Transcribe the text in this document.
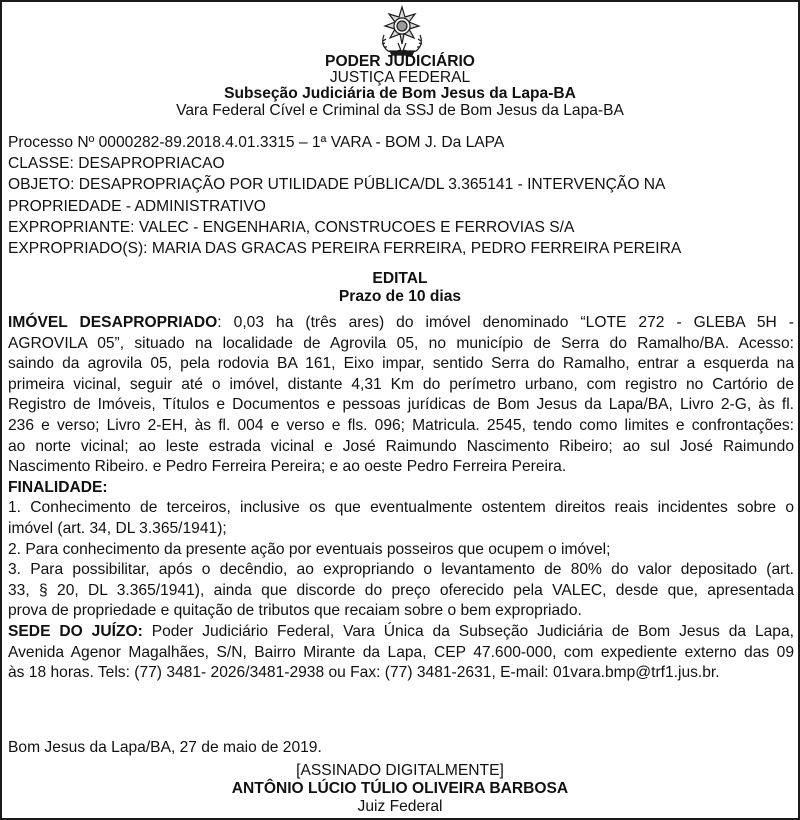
PODER JUDICIÁRIO
JUSTIÇA FEDERAL
Subseção Judiciária de Bom Jesus da Lapa-BA
Vara Federal Cível e Criminal da SSJ de Bom Jesus da Lapa-BA
Processo Nº 0000282-89.2018.4.01.3315 – 1ª VARA - BOM J. Da LAPA
CLASSE: DESAPROPRIACAO
OBJETO: DESAPROPRIAÇÃO POR UTILIDADE PÚBLICA/DL 3.365141 - INTERVENÇÃO NA
PROPRIEDADE - ADMINISTRATIVO
EXPROPRIANTE: VALEC - ENGENHARIA, CONSTRUCOES E FERROVIAS S/A
EXPROPRIADO(S): MARIA DAS GRACAS PEREIRA FERREIRA, PEDRO FERREIRA PEREIRA
EDITAL
Prazo de 10 dias
IMÓVEL DESAPROPRIADO: 0,03 ha (três ares) do imóvel denominado “LOTE 272 - GLEBA 5H -
AGROVILA 05”, situado na localidade de Agrovila 05, no município de Serra do Ramalho/BA. Acesso:
saindo da agrovila 05, pela rodovia BA 161, Eixo impar, sentido Serra do Ramalho, entrar a esquerda na
primeira vicinal, seguir até o imóvel, distante 4,31 Km do perímetro urbano, com registro no Cartório de
Registro de Imóveis, Títulos e Documentos e pessoas jurídicas de Bom Jesus da Lapa/BA, Livro 2-G, às fl.
236 e verso; Livro 2-EH, às fl. 004 e verso e fls. 096; Matricula. 2545, tendo como limites e confrontações:
ao norte vicinal; ao leste estrada vicinal e José Raimundo Nascimento Ribeiro; ao sul José Raimundo
Nascimento Ribeiro. e Pedro Ferreira Pereira; e ao oeste Pedro Ferreira Pereira.
FINALIDADE:
1. Conhecimento de terceiros, inclusive os que eventualmente ostentem direitos reais incidentes sobre o
imóvel (art. 34, DL 3.365/1941);
2. Para conhecimento da presente ação por eventuais posseiros que ocupem o imóvel;
3. Para possibilitar, após o decêndio, ao expropriando o levantamento de 80% do valor depositado (art.
33, § 20, DL 3.365/1941), ainda que discorde do preço oferecido pela VALEC, desde que, apresentada
prova de propriedade e quitação de tributos que recaiam sobre o bem expropriado.
SEDE DO JUÍZO: Poder Judiciário Federal, Vara Única da Subseção Judiciária de Bom Jesus da Lapa,
Avenida Agenor Magalhães, S/N, Bairro Mirante da Lapa, CEP 47.600-000, com expediente externo das 09
às 18 horas. Tels: (77) 3481- 2026/3481-2938 ou Fax: (77) 3481-2631, E-mail: 01vara.bmp@trf1.jus.br.
Bom Jesus da Lapa/BA, 27 de maio de 2019.
[ASSINADO DIGITALMENTE]
ANTÔNIO LÚCIO TÚLIO OLIVEIRA BARBOSA
Juiz Federal
